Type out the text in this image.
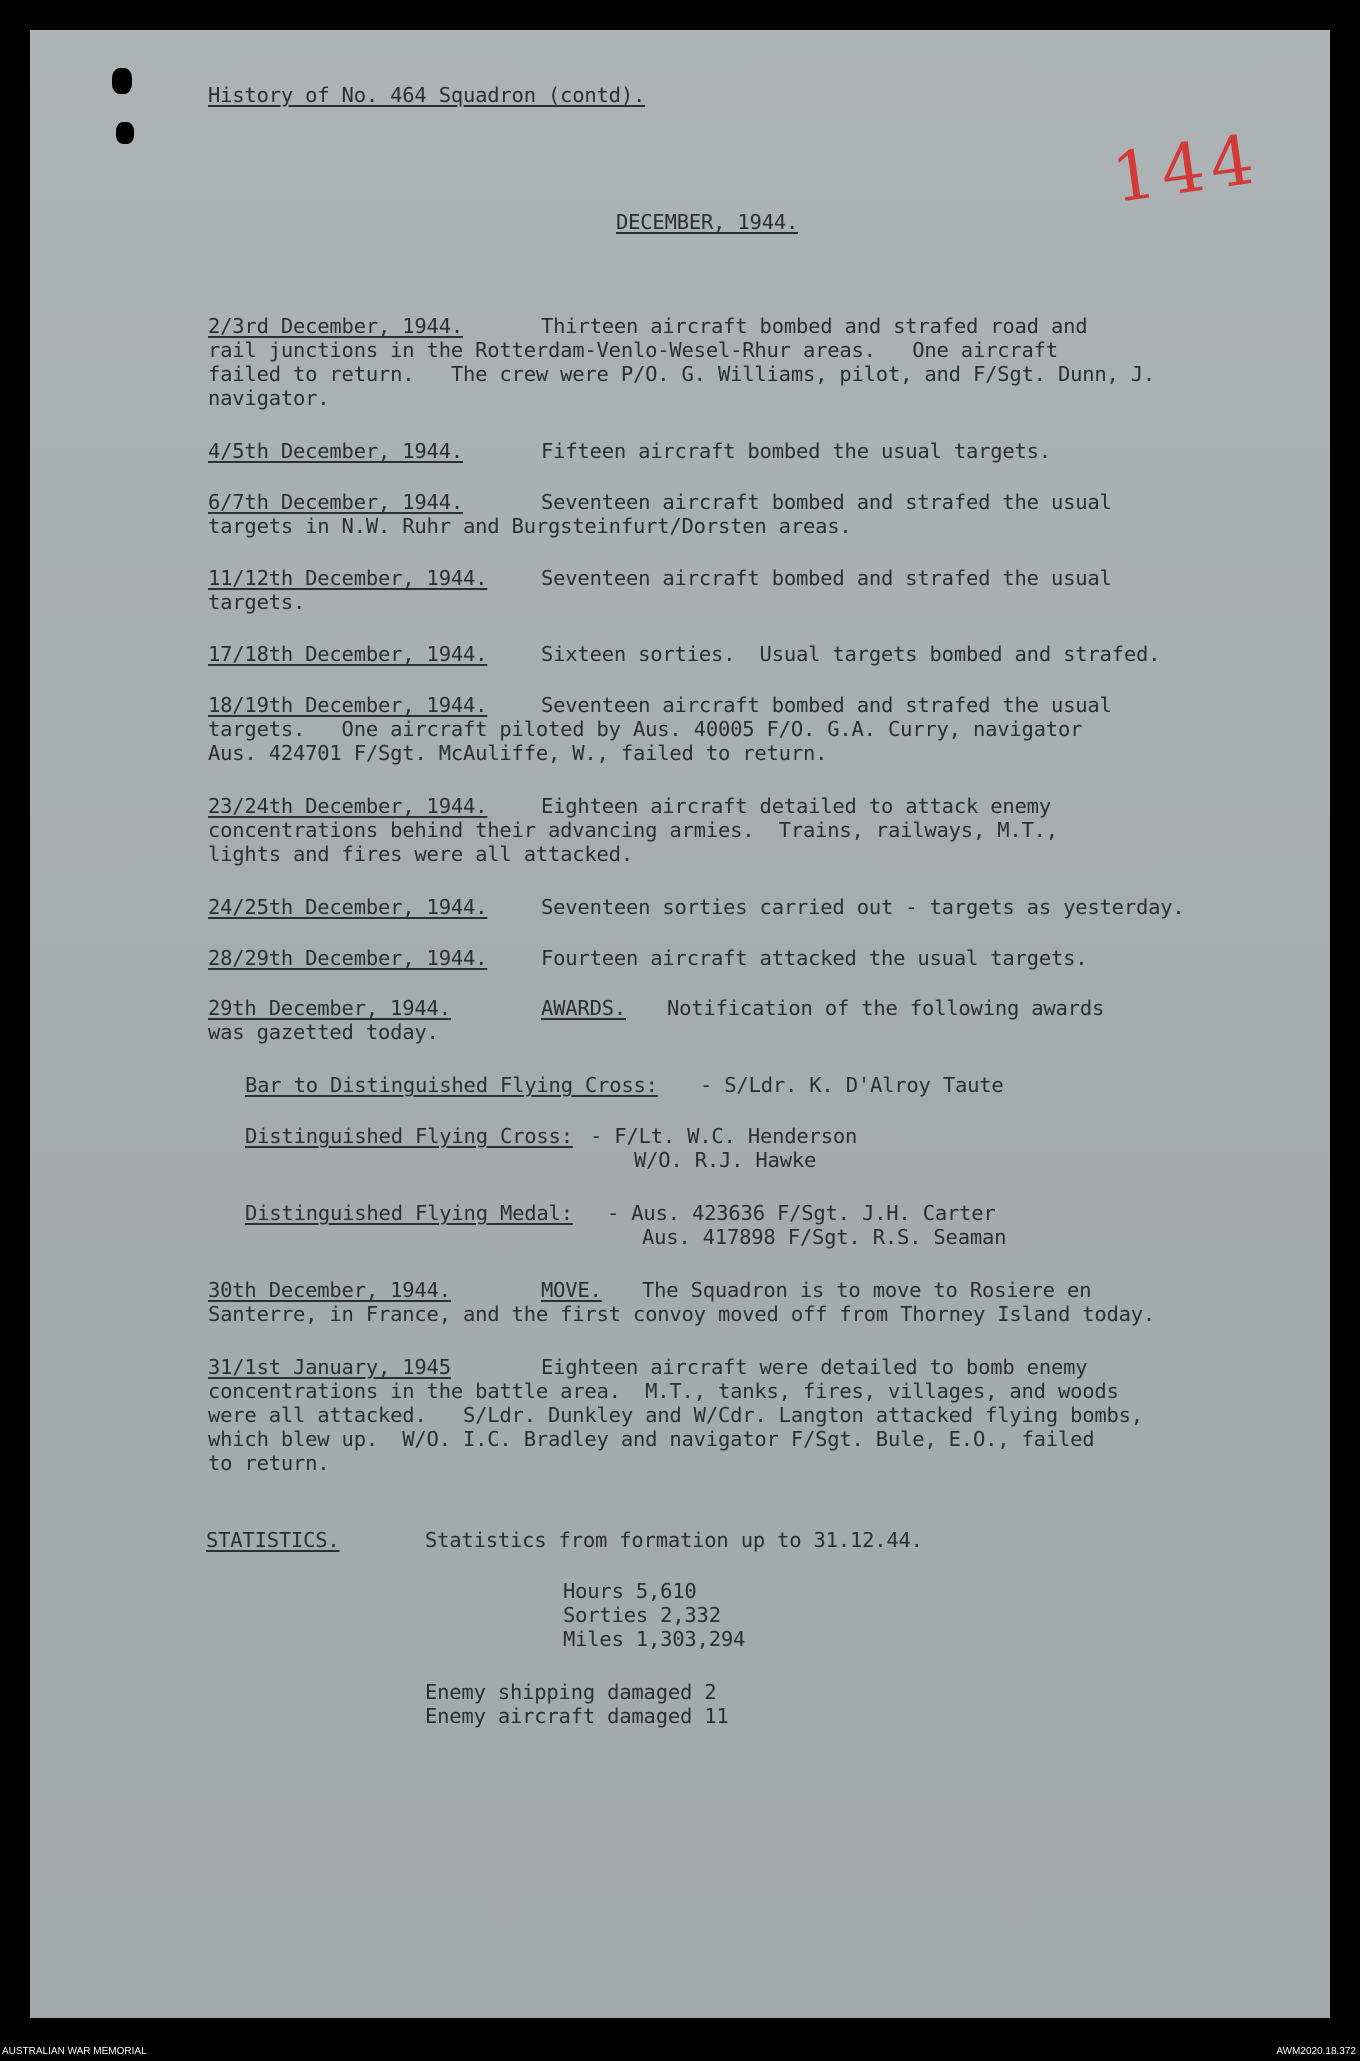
History of No. 464 Squadron (contd).
144
DECEMBER, 1944.
2/3rd December, 1944.	Thirteen aircraft bombed and strafed road and
rail junctions in the Rotterdam-Venlo-Wesel-Rhur areas.   One aircraft
failed to return.   The crew were P/O. G. Williams, pilot, and F/Sgt. Dunn, J.
navigator.
4/5th December, 1944.	Fifteen aircraft bombed the usual targets.
6/7th December, 1944.	Seventeen aircraft bombed and strafed the usual
targets in N.W. Ruhr and Burgsteinfurt/Dorsten areas.
11/12th December, 1944.	Seventeen aircraft bombed and strafed the usual
targets.
17/18th December, 1944.	Sixteen sorties.  Usual targets bombed and strafed.
18/19th December, 1944.	Seventeen aircraft bombed and strafed the usual
targets.   One aircraft piloted by Aus. 40005 F/O. G.A. Curry, navigator
Aus. 424701 F/Sgt. McAuliffe, W., failed to return.
23/24th December, 1944.	Eighteen aircraft detailed to attack enemy
concentrations behind their advancing armies.  Trains, railways, M.T.,
lights and fires were all attacked.
24/25th December, 1944.	Seventeen sorties carried out - targets as yesterday.
28/29th December, 1944.	Fourteen aircraft attacked the usual targets.
29th December, 1944.	AWARDS. Notification of the following awards
was gazetted today.
Bar to Distinguished Flying Cross: - S/Ldr. K. D'Alroy Taute
Distinguished Flying Cross: - F/Lt. W.C. Henderson
W/O. R.J. Hawke
Distinguished Flying Medal: - Aus. 423636 F/Sgt. J.H. Carter
Aus. 417898 F/Sgt. R.S. Seaman
30th December, 1944.	MOVE. The Squadron is to move to Rosiere en
Santerre, in France, and the first convoy moved off from Thorney Island today.
31/1st January, 1945	Eighteen aircraft were detailed to bomb enemy
concentrations in the battle area.  M.T., tanks, fires, villages, and woods
were all attacked.   S/Ldr. Dunkley and W/Cdr. Langton attacked flying bombs,
which blew up.  W/O. I.C. Bradley and navigator F/Sgt. Bule, E.O., failed
to return.
STATISTICS.	Statistics from formation up to 31.12.44.
Hours 5,610
Sorties 2,332
Miles 1,303,294
Enemy shipping damaged 2
Enemy aircraft damaged 11
AUSTRALIAN WAR MEMORIAL	AWM2020.18.372
